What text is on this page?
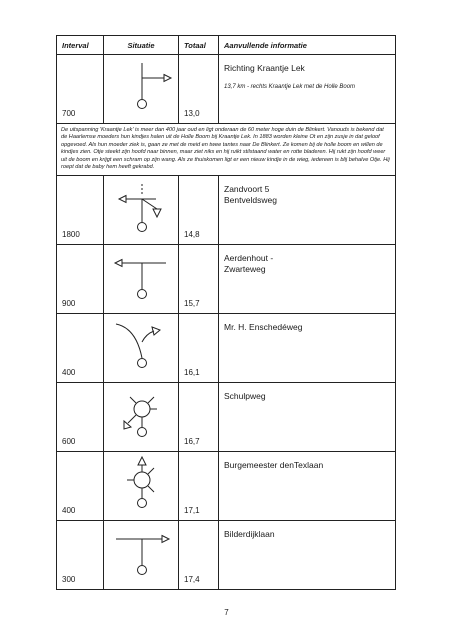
Interval	Situatie	Totaal	Aanvullende informatie
700		13,0	Richting Kraantje Lek
13,7 km - rechts Kraantje Lek met de Holle Boom

De uitspanning 'Kraantje Lek' is meer dan 400 jaar oud en ligt onderaan de 60 meter hoge duin de Blinkert. Vanouds is bekend dat de Haarlemse moeders hun kindjes halen uit de Holle Boom bij Kraantje Lek. In 1883 worden kleine Ot en zijn zusje in dat geloof opgevoed. Als hun moeder ziek is, gaan ze met de meid en twee tantes naar De Blinkert. Ze komen bij de holle boom en willen de kindjes zien. Otje steekt zijn hoofd naar binnen, maar ziet niks en hij ruikt stilstaand water en rotte bladeren. Hij rukt zijn hoofd weer uit de boom en krijgt een schram op zijn wang. Als ze thuiskomen ligt er een nieuw kindje in de wieg, iedereen is blij behalve Otje. Hij roept dat de baby hem heeft gekrabd.			
1800		14,8	Zandvoort 5
Bentveldsweg

900		15,7	Aerdenhout -
Zwarteweg

400		16,1	Mr. H. Enschedéweg

600		16,7	Schulpweg

400		17,1	Burgemeester denTexlaan

300		17,4	Bilderdijklaan
7
